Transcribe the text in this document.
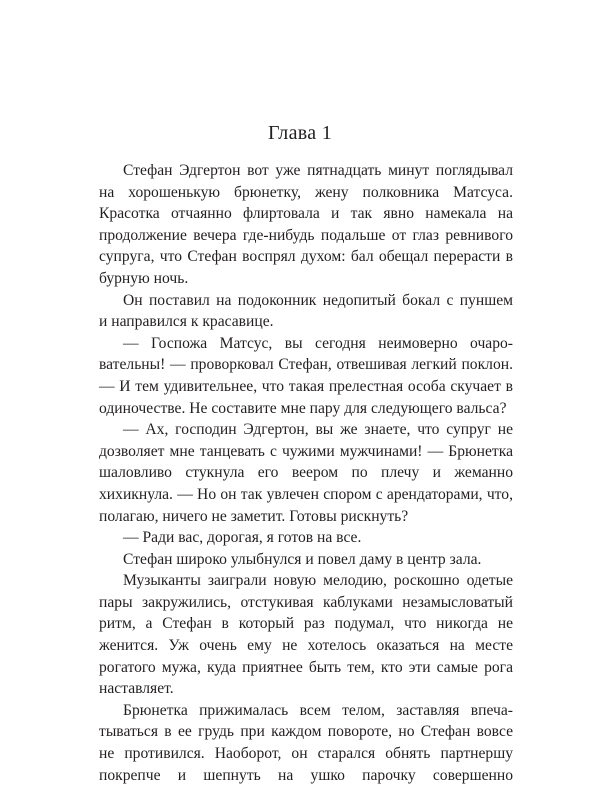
Глава 1
Стефан Эдгертон вот уже пятнадцать минут поглядывал
на хорошенькую брюнетку, жену полковника Матсуса.
Красотка отчаянно флиртовала и так явно намекала на
продолжение вечера где-нибудь подальше от глаз ревнивого
супруга, что Стефан воспрял духом: бал обещал перерасти в
бурную ночь.
Он поставил на подоконник недопитый бокал с пуншем
и направился к красавице.
— Госпожа Матсус, вы сегодня неимоверно очаро-
вательны! — проворковал Стефан, отвешивая легкий поклон.
— И тем удивительнее, что такая прелестная особа скучает в
одиночестве. Не составите мне пару для следующего вальса?
— Ах, господин Эдгертон, вы же знаете, что супруг не
дозволяет мне танцевать с чужими мужчинами! — Брюнетка
шаловливо стукнула его веером по плечу и жеманно
хихикнула. — Но он так увлечен спором с арендаторами, что,
полагаю, ничего не заметит. Готовы рискнуть?
— Ради вас, дорогая, я готов на все.
Стефан широко улыбнулся и повел даму в центр зала.
Музыканты заиграли новую мелодию, роскошно одетые
пары закружились, отстукивая каблуками незамысловатый
ритм, а Стефан в который раз подумал, что никогда не
женится. Уж очень ему не хотелось оказаться на месте
рогатого мужа, куда приятнее быть тем, кто эти самые рога
наставляет.
Брюнетка прижималась всем телом, заставляя впеча-
тываться в ее грудь при каждом повороте, но Стефан вовсе
не противился. Наоборот, он старался обнять партнершу
покрепче и шепнуть на ушко парочку совершенно
